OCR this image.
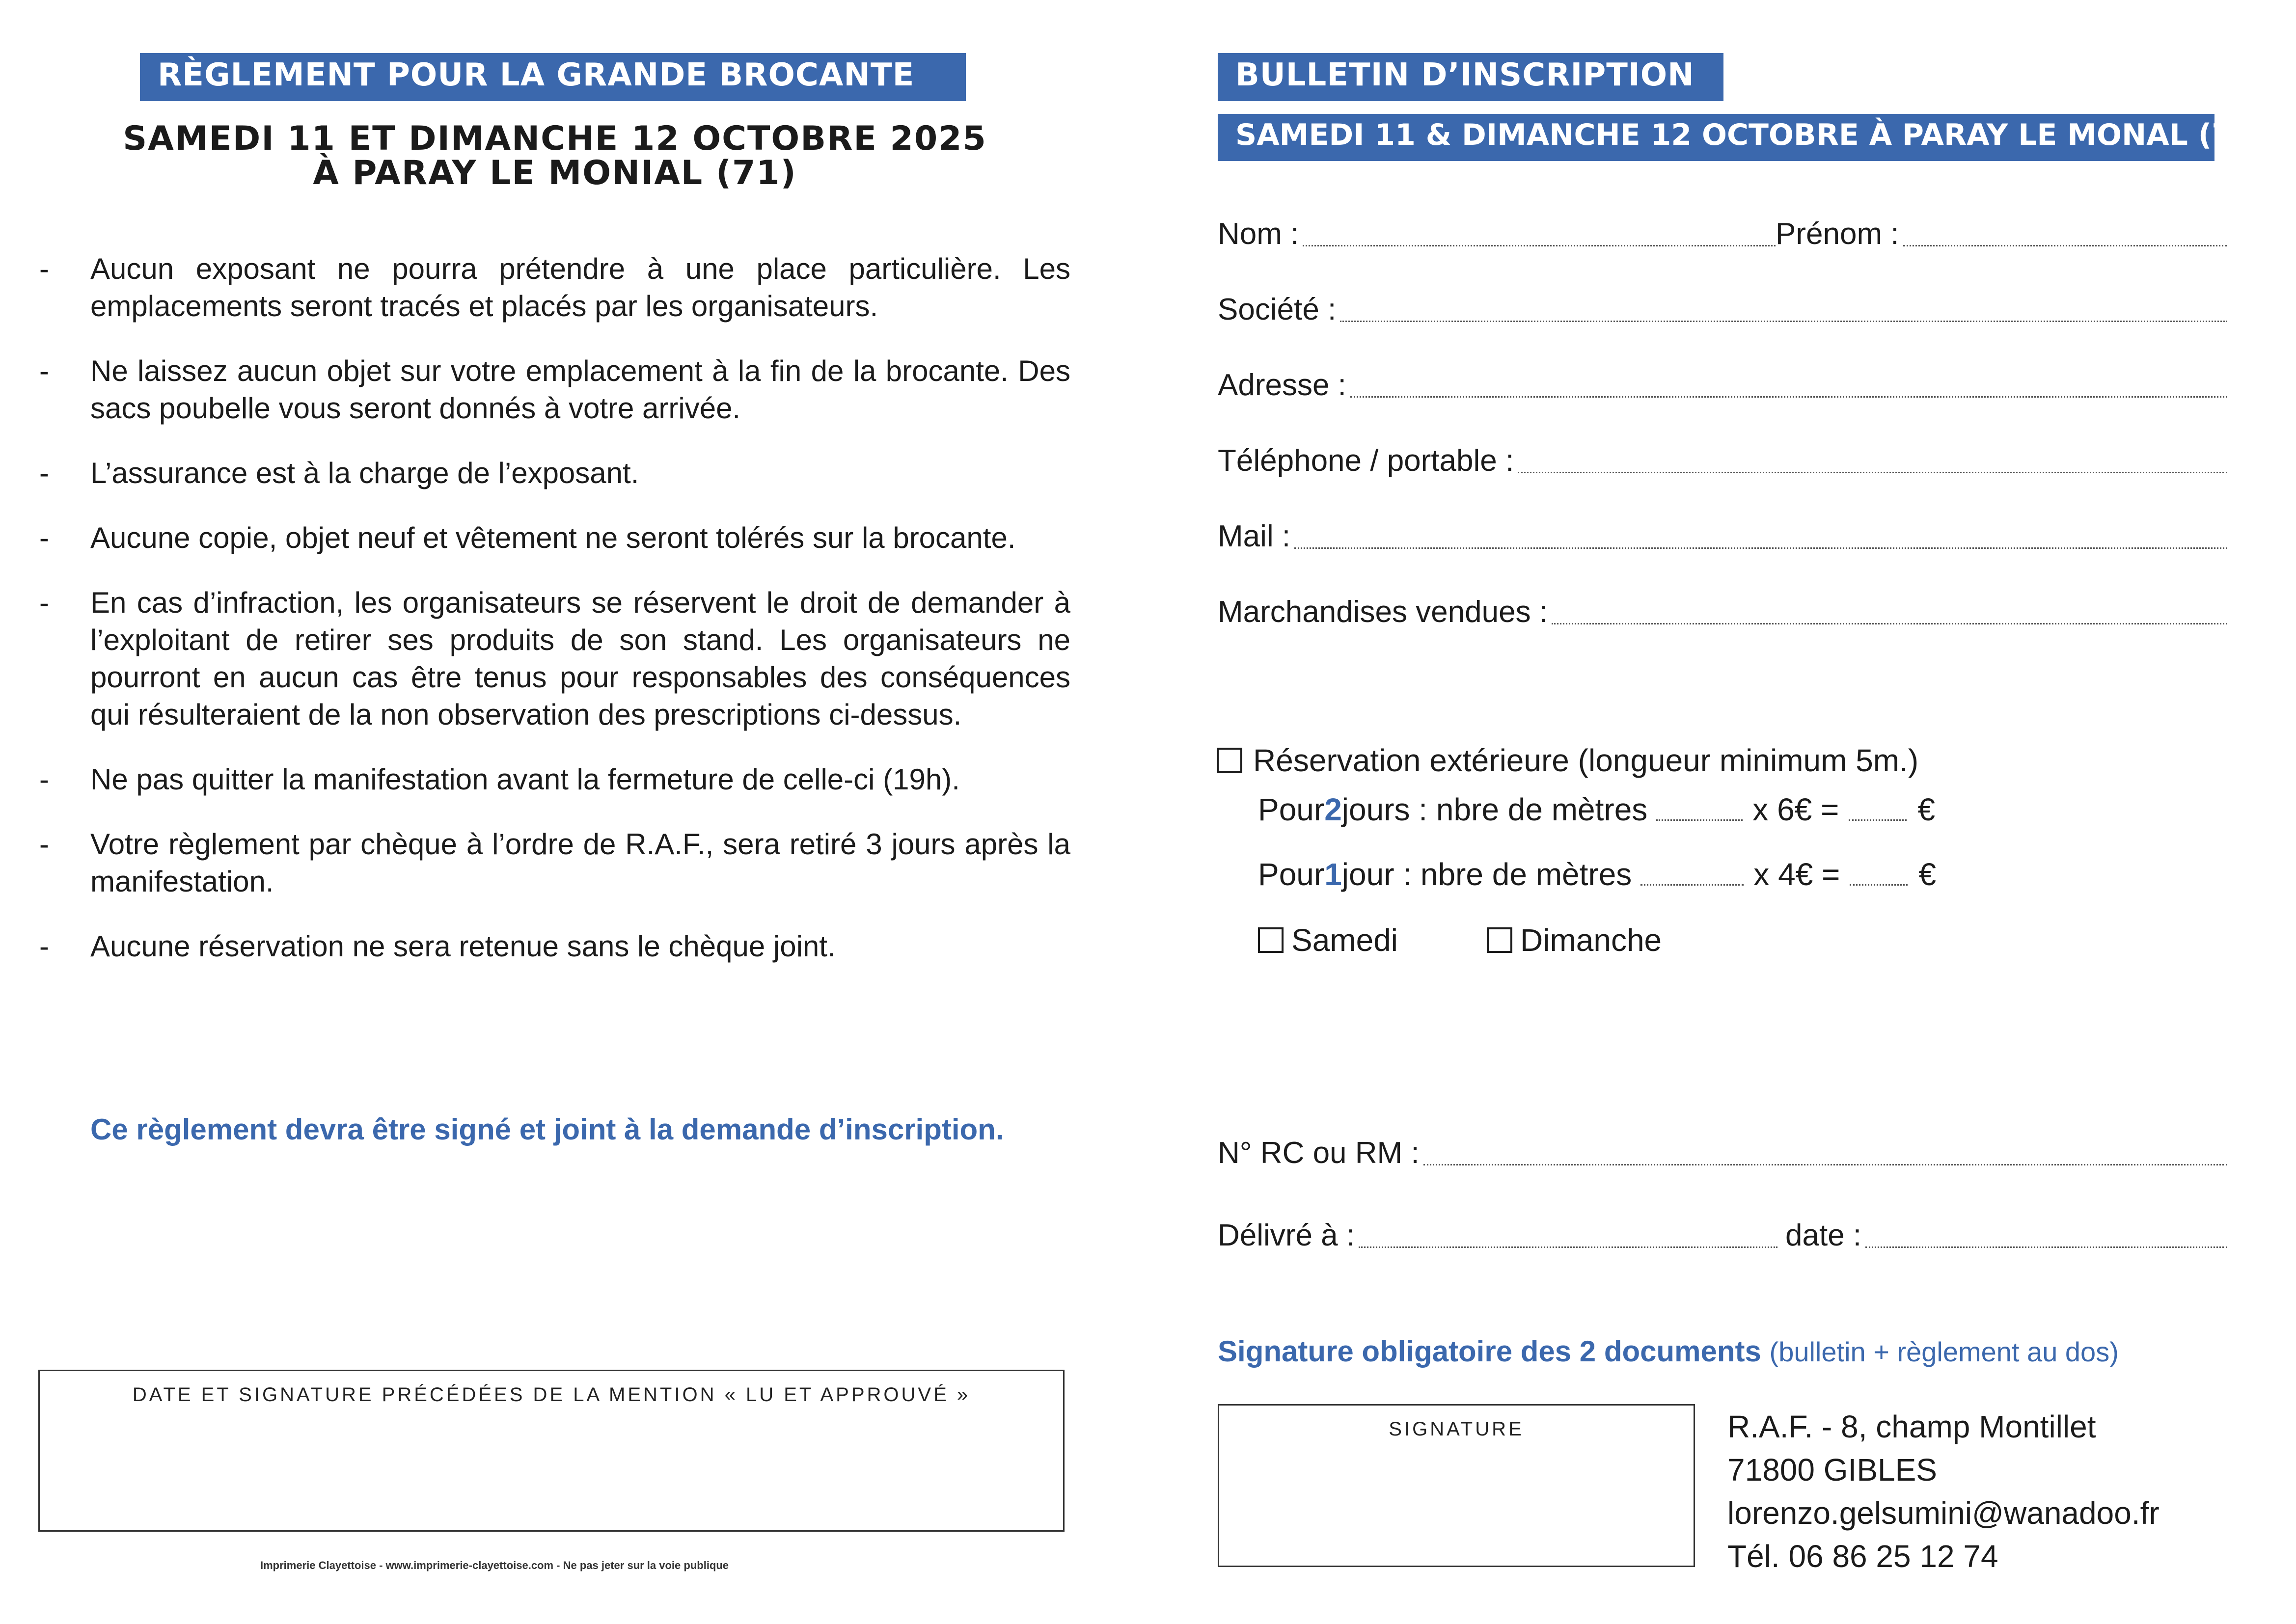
RÈGLEMENT POUR LA GRANDE BROCANTE
SAMEDI 11 ET DIMANCHE 12 OCTOBRE 2025
À PARAY LE MONIAL (71)
- Aucun exposant ne pourra prétendre à une place particulière. Les emplacements seront tracés et placés par les organisateurs.
- Ne laissez aucun objet sur votre emplacement à la fin de la brocante. Des sacs poubelle vous seront donnés à votre arrivée.
- L’assurance est à la charge de l’exposant.
- Aucune copie, objet neuf et vêtement ne seront tolérés sur la brocante.
- En cas d’infraction, les organisateurs se réservent le droit de demander à l’exploitant de retirer ses produits de son stand. Les organisateurs ne pourront en aucun cas être tenus pour responsables des conséquences qui résulteraient de la non observation des prescriptions ci-dessus.
- Ne pas quitter la manifestation avant la fermeture de celle-ci (19h).
- Votre règlement par chèque à l’ordre de R.A.F., sera retiré 3 jours après la manifestation.
- Aucune réservation ne sera retenue sans le chèque joint.
Ce règlement devra être signé et joint à la demande d’inscription.
DATE ET SIGNATURE PRÉCÉDÉES DE LA MENTION « LU ET APPROUVÉ »
Imprimerie Clayettoise - www.imprimerie-clayettoise.com - Ne pas jeter sur la voie publique
BULLETIN D’INSCRIPTION
SAMEDI 11 & DIMANCHE 12 OCTOBRE À PARAY LE MONAL (71)
Nom :	Prénom :
Société :
Adresse :
Téléphone / portable :
Mail :
Marchandises vendues :
Réservation extérieure (longueur minimum 5m.)
Pour 2 jours : nbre de mètres	x 6€ =	€
Pour 1 jour : nbre de mètres	x 4€ =	€
Samedi	Dimanche
N° RC ou RM :
Délivré à :	date :
Signature obligatoire des 2 documents (bulletin + règlement au dos)
SIGNATURE	R.A.F. - 8, champ Montillet
71800 GIBLES
lorenzo.gelsumini@wanadoo.fr
Tél. 06 86 25 12 74
